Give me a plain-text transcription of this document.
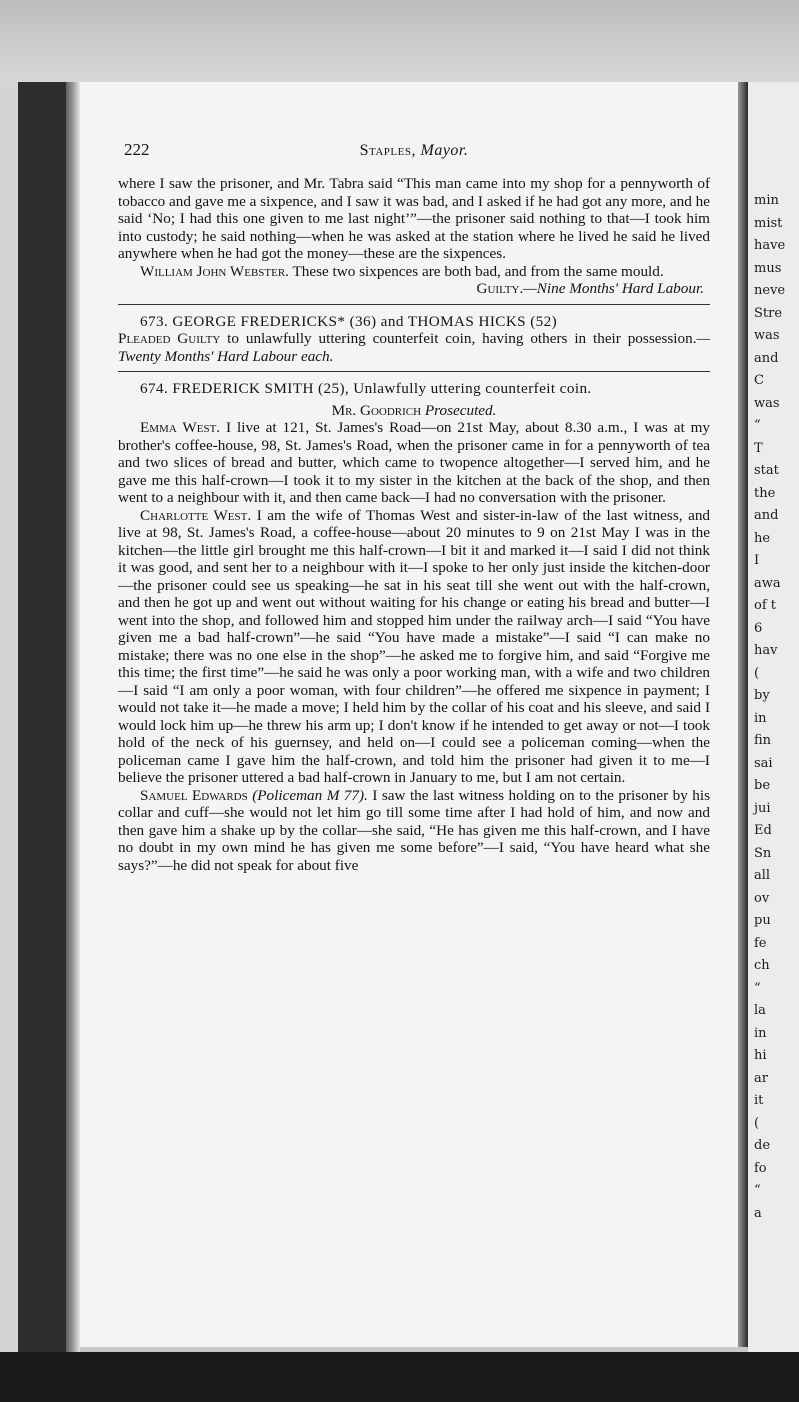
min
mist
have
mus
neve
Stre
was
and
C
was
“
T
stat
the
and
he
I
awa
of t
6
hav
(
by
in
fin
sai
be
jui
Ed
Sn
all
ov
pu
fe
ch
“
la
in
hi
ar
it
(
de
fo
“
a
222	Staples, Mayor.

where I saw the prisoner, and Mr. Tabra said “This man came into my shop for a pennyworth of tobacco and gave me a sixpence, and I saw it was bad, and I asked if he had got any more, and he said ‘No; I had this one given to me last night’”—the prisoner said nothing to that—I took him into custody; he said nothing—when he was asked at the station where he lived he said he lived anywhere when he had got the money—these are the sixpences.

William John Webster. These two sixpences are both bad, and from the same mould.

Guilty.—Nine Months' Hard Labour.

673. GEORGE FREDERICKS* (36) and THOMAS HICKS (52)

Pleaded Guilty to unlawfully uttering counterfeit coin, having others in their possession.—Twenty Months' Hard Labour each.

674. FREDERICK SMITH (25), Unlawfully uttering counterfeit coin.

Mr. Goodrich Prosecuted.

Emma West. I live at 121, St. James's Road—on 21st May, about 8.30 a.m., I was at my brother's coffee-house, 98, St. James's Road, when the prisoner came in for a pennyworth of tea and two slices of bread and butter, which came to twopence altogether—I served him, and he gave me this half-crown—I took it to my sister in the kitchen at the back of the shop, and then went to a neighbour with it, and then came back—I had no conversation with the prisoner.

Charlotte West. I am the wife of Thomas West and sister-in-law of the last witness, and live at 98, St. James's Road, a coffee-house—about 20 minutes to 9 on 21st May I was in the kitchen—the little girl brought me this half-crown—I bit it and marked it—I said I did not think it was good, and sent her to a neighbour with it—I spoke to her only just inside the kitchen-door—the prisoner could see us speaking—he sat in his seat till she went out with the half-crown, and then he got up and went out without waiting for his change or eating his bread and butter—I went into the shop, and followed him and stopped him under the railway arch—I said “You have given me a bad half-crown”—he said “You have made a mistake”—I said “I can make no mistake; there was no one else in the shop”—he asked me to forgive him, and said “Forgive me this time; the first time”—he said he was only a poor working man, with a wife and two children—I said “I am only a poor woman, with four children”—he offered me sixpence in payment; I would not take it—he made a move; I held him by the collar of his coat and his sleeve, and said I would lock him up—he threw his arm up; I don't know if he intended to get away or not—I took hold of the neck of his guernsey, and held on—I could see a policeman coming—when the policeman came I gave him the half-crown, and told him the prisoner had given it to me—I believe the prisoner uttered a bad half-crown in January to me, but I am not certain.

Samuel Edwards (Policeman M 77). I saw the last witness holding on to the prisoner by his collar and cuff—she would not let him go till some time after I had hold of him, and now and then gave him a shake up by the collar—she said, “He has given me this half-crown, and I have no doubt in my own mind he has given me some before”—I said, “You have heard what she says?”—he did not speak for about five
